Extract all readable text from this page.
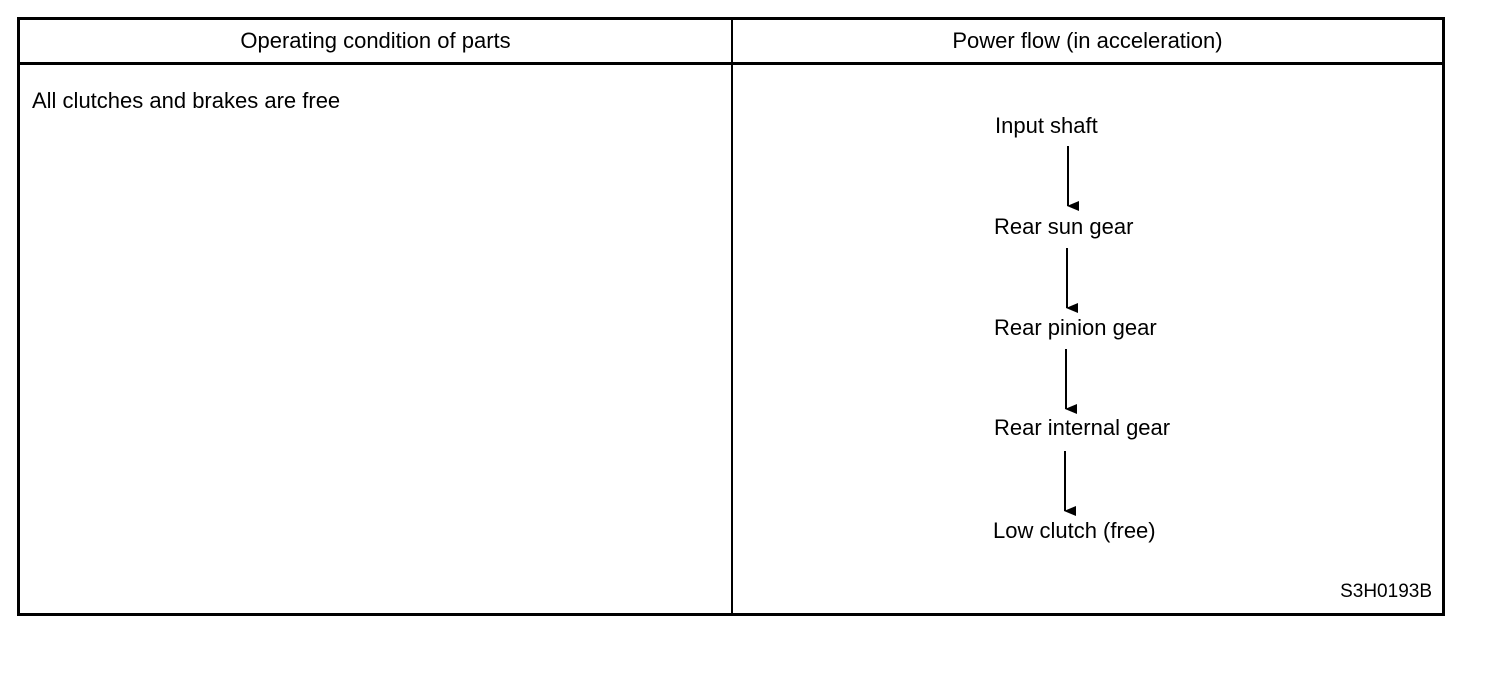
Operating condition of parts	Power flow (in acceleration)
All clutches and brakes are free
Input shaft
Rear sun gear
Rear pinion gear
Rear internal gear
Low clutch (free)
S3H0193B
